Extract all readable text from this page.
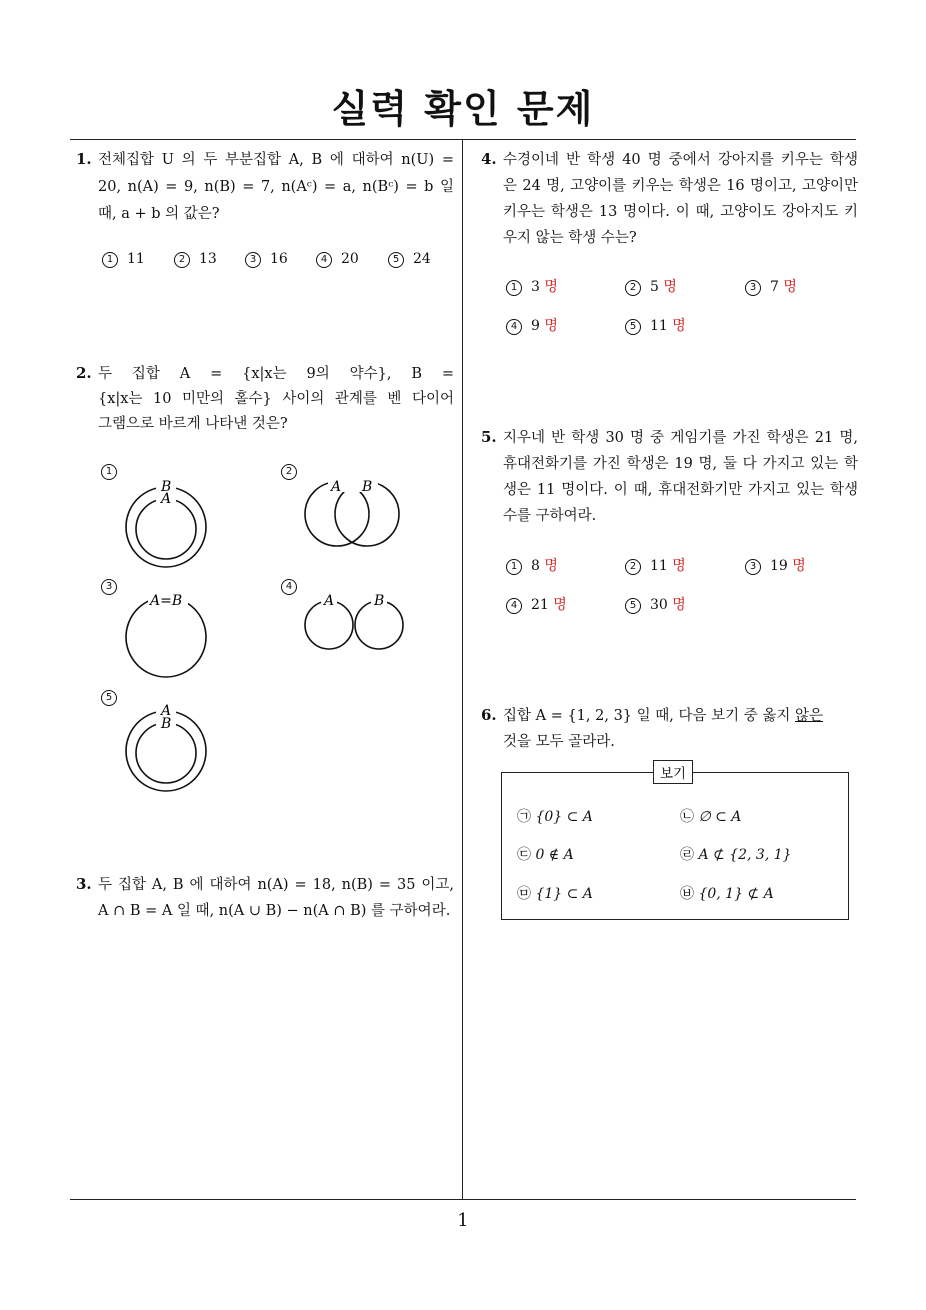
실력 확인 문제
1. 전체집합 U 의 두 부분집합 A, B 에 대하여 n(U) =
20, n(A) = 9, n(B) = 7, n(Aᶜ) = a, n(Bᶜ) = b 일
때, a + b 의 값은?
1 11	2 13	3 16	4 20	5 24
2. 두 집합 A = {x|x는 9의 약수}, B =
{x|x는 10 미만의 홀수} 사이의 관계를 벤 다이어
그램으로 바르게 나타낸 것은?
1
B
A
2
A B
3
A=B
4
A	B
5
A
B
3. 두 집합 A, B 에 대하여 n(A) = 18, n(B) = 35 이고,
A ∩ B = A 일 때, n(A ∪ B) − n(A ∩ B) 를 구하여라.
4. 수경이네 반 학생 40 명 중에서 강아지를 키우는 학생
은 24 명, 고양이를 키우는 학생은 16 명이고, 고양이만
키우는 학생은 13 명이다. 이 때, 고양이도 강아지도 키
우지 않는 학생 수는?
1 3 명	2 5 명	3 7 명
4 9 명	5 11 명
5. 지우네 반 학생 30 명 중 게임기를 가진 학생은 21 명,
휴대전화기를 가진 학생은 19 명, 둘 다 가지고 있는 학
생은 11 명이다. 이 때, 휴대전화기만 가지고 있는 학생
수를 구하여라.
1 8 명	2 11 명	3 19 명
4 21 명	5 30 명
6. 집합 A = {1, 2, 3} 일 때, 다음 보기 중 옳지 않은
것을 모두 골라라.
보기
㉠ {0} ⊂ A	㉡ ∅ ⊂ A
㉢ 0 ∉ A	㉣ A ⊄ {2, 3, 1}
㉤ {1} ⊂ A	㉥ {0, 1} ⊄ A
1
